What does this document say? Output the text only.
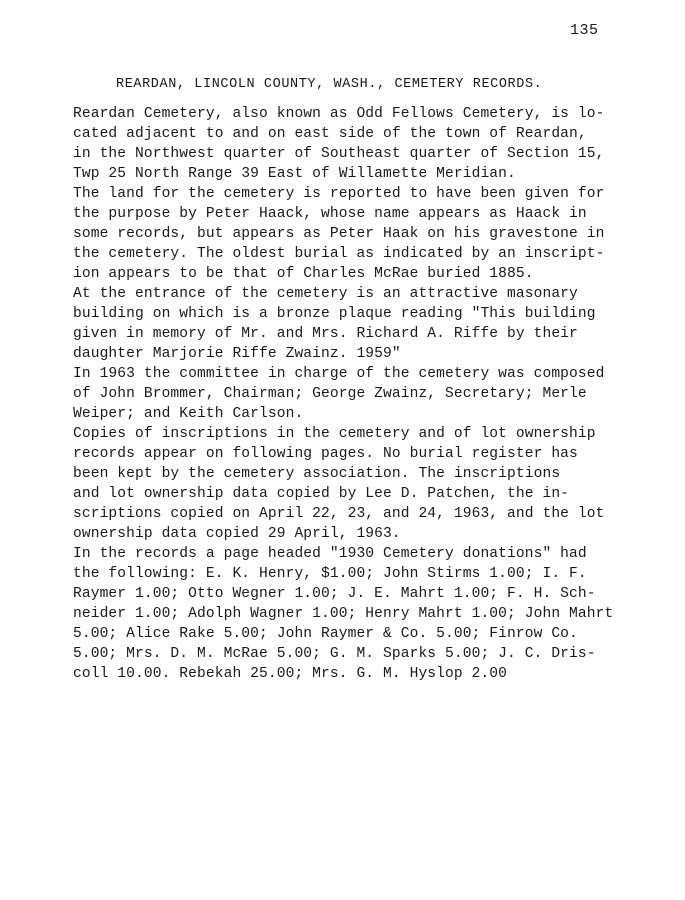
135
REARDAN, LINCOLN COUNTY, WASH., CEMETERY RECORDS.
Reardan Cemetery, also known as Odd Fellows Cemetery, is lo-
cated adjacent to and on east side of the town of Reardan,
in the Northwest quarter of Southeast quarter of Section 15,
Twp 25 North Range 39 East of Willamette Meridian.
The land for the cemetery is reported to have been given for
the purpose by Peter Haack, whose name appears as Haack in
some records, but appears as Peter Haak on his gravestone in
the cemetery. The oldest burial as indicated by an inscript-
ion appears to be that of Charles McRae buried 1885.
At the entrance of the cemetery is an attractive masonary
building on which is a bronze plaque reading "This building
given in memory of Mr. and Mrs. Richard A. Riffe by their
daughter Marjorie Riffe Zwainz. 1959"
In 1963 the committee in charge of the cemetery was composed
of John Brommer, Chairman; George Zwainz, Secretary; Merle
Weiper; and Keith Carlson.
Copies of inscriptions in the cemetery and of lot ownership
records appear on following pages. No burial register has
been kept by the cemetery association. The inscriptions
and lot ownership data copied by Lee D. Patchen, the in-
scriptions copied on April 22, 23, and 24, 1963, and the lot
ownership data copied 29 April, 1963.
In the records a page headed "1930 Cemetery donations" had
the following: E. K. Henry, $1.00; John Stirms 1.00; I. F.
Raymer 1.00; Otto Wegner 1.00; J. E. Mahrt 1.00; F. H. Sch-
neider 1.00; Adolph Wagner 1.00; Henry Mahrt 1.00; John Mahrt
5.00; Alice Rake 5.00; John Raymer & Co. 5.00; Finrow Co.
5.00; Mrs. D. M. McRae 5.00; G. M. Sparks 5.00; J. C. Dris-
coll 10.00. Rebekah 25.00; Mrs. G. M. Hyslop 2.00
